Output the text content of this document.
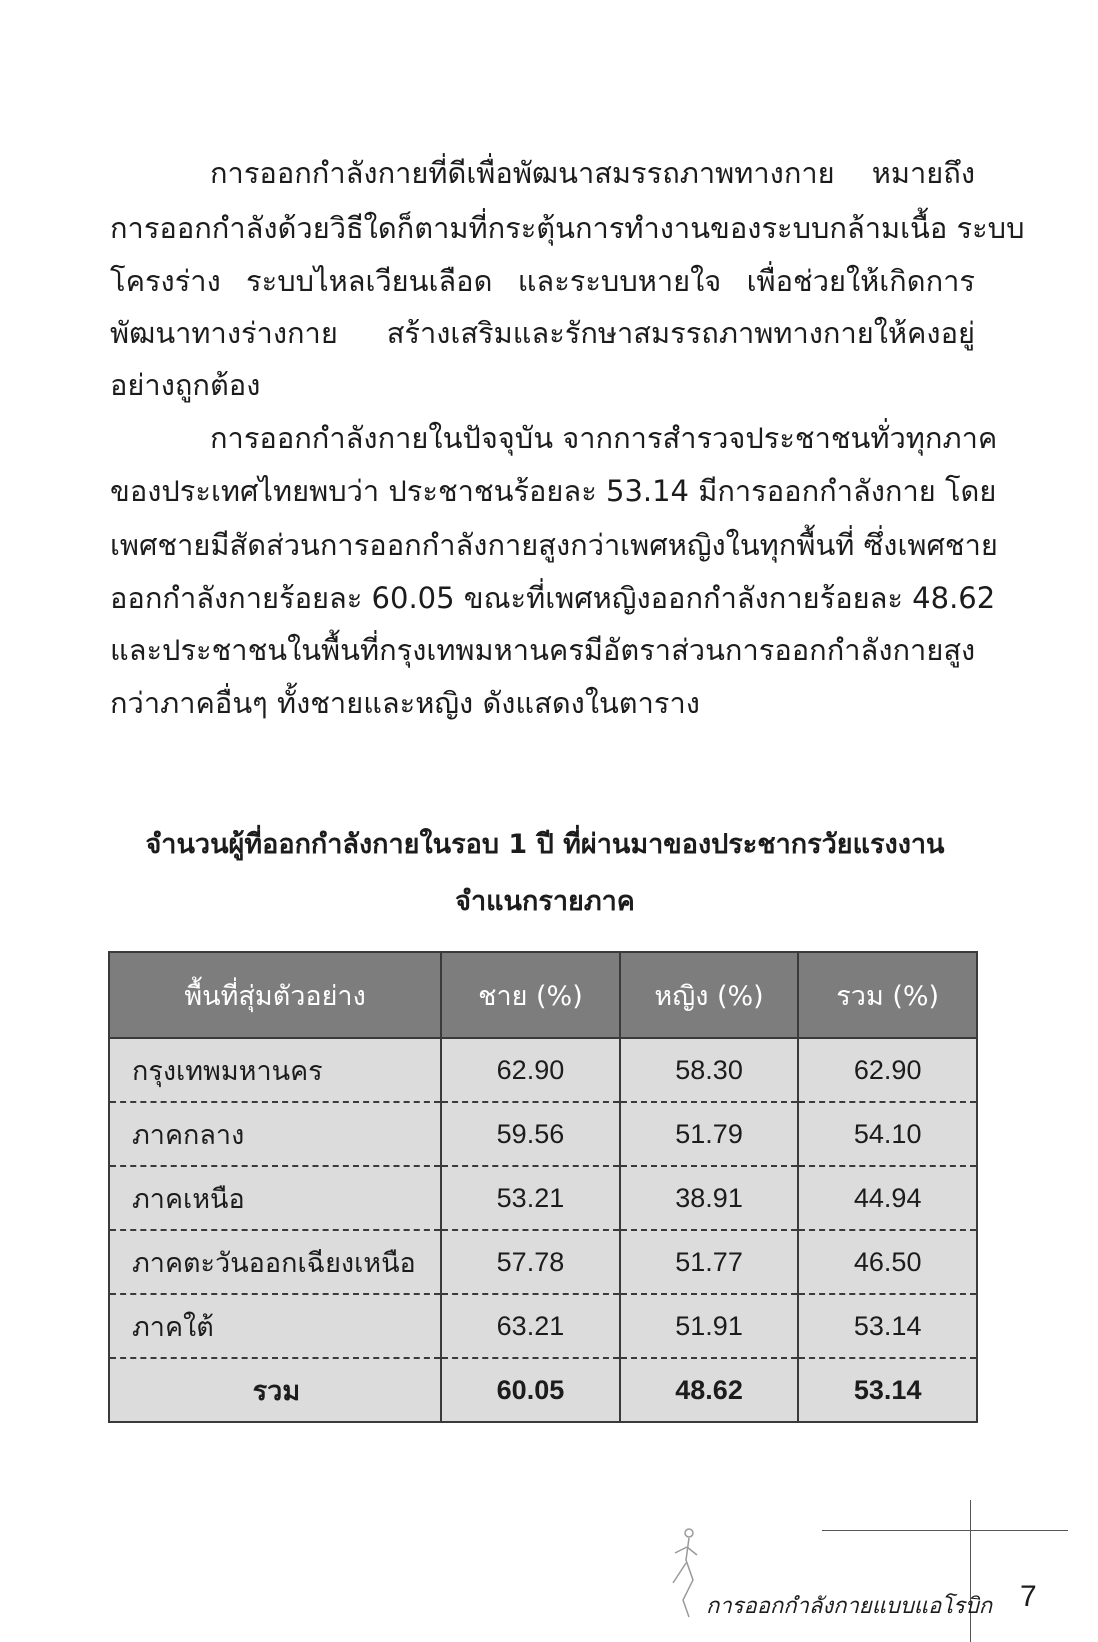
การออกกำลังกายที่ดีเพื่อพัฒนาสมรรถภาพทางกาย หมายถึง

การออกกำลังด้วยวิธีใดก็ตามที่กระตุ้นการทำงานของระบบกล้ามเนื้อ ระบบ

โครงร่าง ระบบไหลเวียนเลือด และระบบหายใจ เพื่อช่วยให้เกิดการ

พัฒนาทางร่างกาย สร้างเสริมและรักษาสมรรถภาพทางกายให้คงอยู่

อย่างถูกต้อง

การออกกำลังกายในปัจจุบัน จากการสำรวจประชาชนทั่วทุกภาค

ของประเทศไทยพบว่า ประชาชนร้อยละ 53.14 มีการออกกำลังกาย โดย

เพศชายมีสัดส่วนการออกกำลังกายสูงกว่าเพศหญิงในทุกพื้นที่ ซึ่งเพศชาย

ออกกำลังกายร้อยละ 60.05 ขณะที่เพศหญิงออกกำลังกายร้อยละ 48.62

และประชาชนในพื้นที่กรุงเทพมหานครมีอัตราส่วนการออกกำลังกายสูง

กว่าภาคอื่นๆ ทั้งชายและหญิง ดังแสดงในตาราง

จำนวนผู้ที่ออกกำลังกายในรอบ 1 ปี ที่ผ่านมาของประชากรวัยแรงงาน

จำแนกรายภาค

พื้นที่สุ่มตัวอย่าง	ชาย (%)	หญิง (%)	รวม (%)
กรุงเทพมหานคร	62.90	58.30	62.90
ภาคกลาง	59.56	51.79	54.10
ภาคเหนือ	53.21	38.91	44.94
ภาคตะวันออกเฉียงเหนือ	57.78	51.77	46.50
ภาคใต้	63.21	51.91	53.14
รวม	60.05	48.62	53.14
การออกกำลังกายแบบแอโรบิก 7
